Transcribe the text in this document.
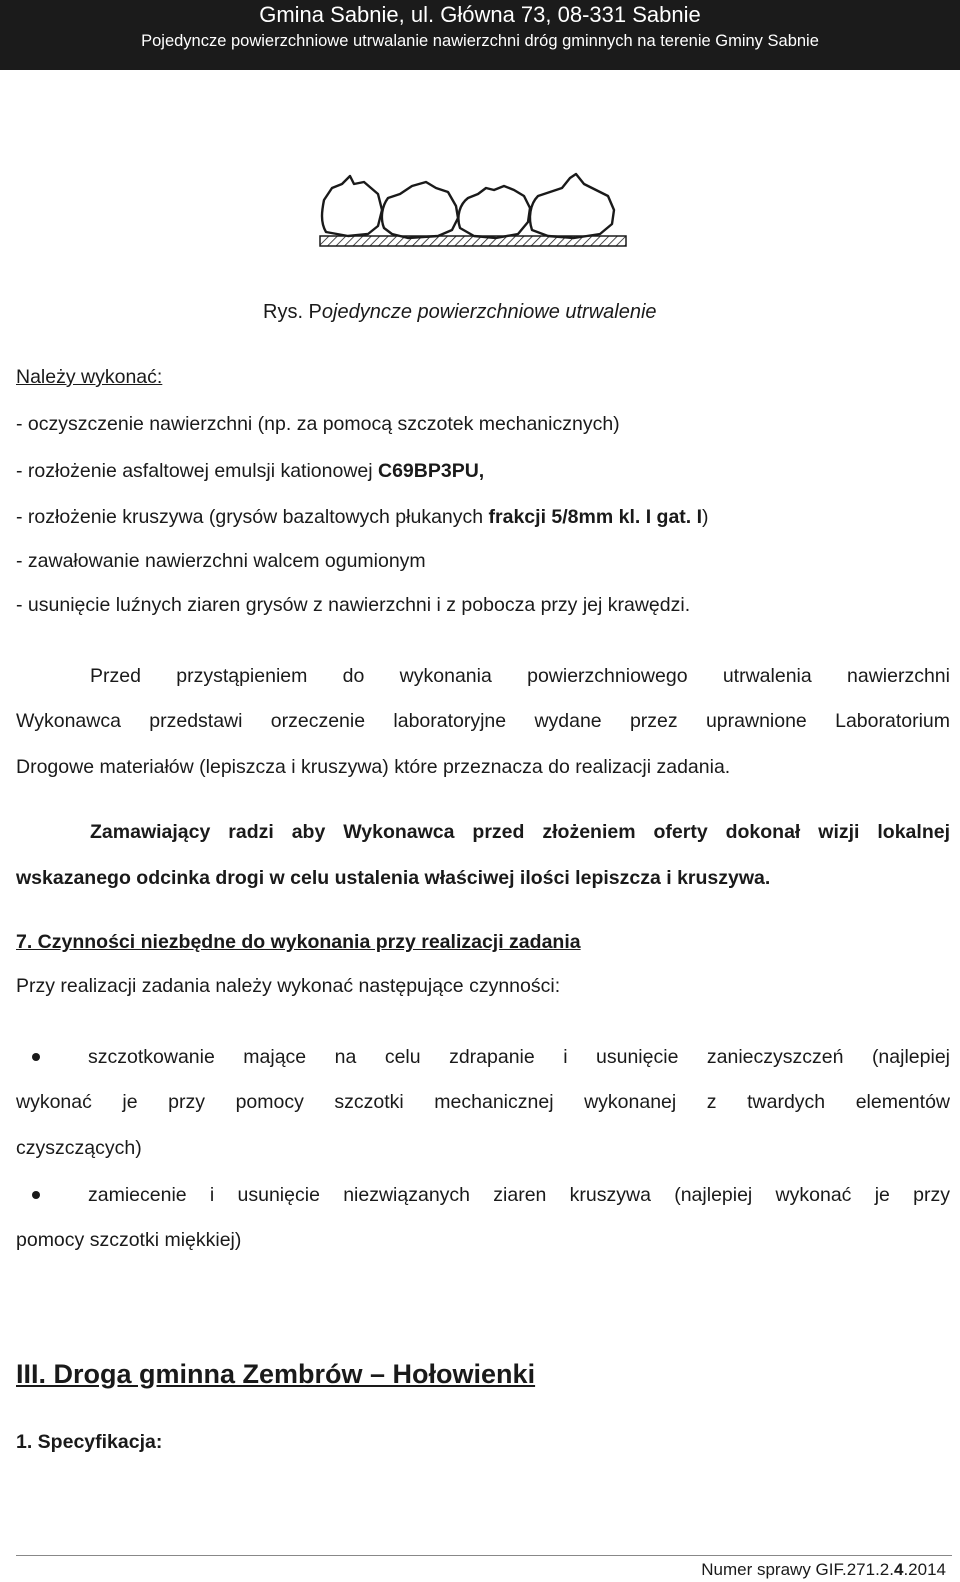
Gmina Sabnie, ul. Główna 73, 08-331 Sabnie
Pojedyncze powierzchniowe utrwalanie nawierzchni dróg gminnych na terenie Gminy Sabnie
Rys. Pojedyncze powierzchniowe utrwalenie
Należy wykonać:
- oczyszczenie nawierzchni (np. za pomocą szczotek mechanicznych)
- rozłożenie asfaltowej emulsji kationowej C69BP3PU,
- rozłożenie kruszywa (grysów bazaltowych płukanych frakcji 5/8mm kl. I gat. I)
- zawałowanie nawierzchni walcem ogumionym
- usunięcie luźnych ziaren grysów z nawierzchni i z pobocza przy jej krawędzi.
Przed przystąpieniem do wykonania powierzchniowego utrwalenia nawierzchni
Wykonawca przedstawi orzeczenie laboratoryjne wydane przez uprawnione Laboratorium
Drogowe materiałów (lepiszcza i kruszywa) które przeznacza do realizacji zadania.
Zamawiający radzi aby Wykonawca przed złożeniem oferty dokonał wizji lokalnej
wskazanego odcinka drogi w celu ustalenia właściwej ilości lepiszcza i kruszywa.
7. Czynności niezbędne do wykonania przy realizacji zadania
Przy realizacji zadania należy wykonać następujące czynności:
szczotkowanie mające na celu zdrapanie i usunięcie zanieczyszczeń (najlepiej
wykonać je przy pomocy szczotki mechanicznej wykonanej z twardych elementów
czyszczących)
zamiecenie i usunięcie niezwiązanych ziaren kruszywa (najlepiej wykonać je przy
pomocy szczotki miękkiej)
III. Droga gminna Zembrów – Hołowienki
1. Specyfikacja:
Numer sprawy GIF.271.2.4.2014
